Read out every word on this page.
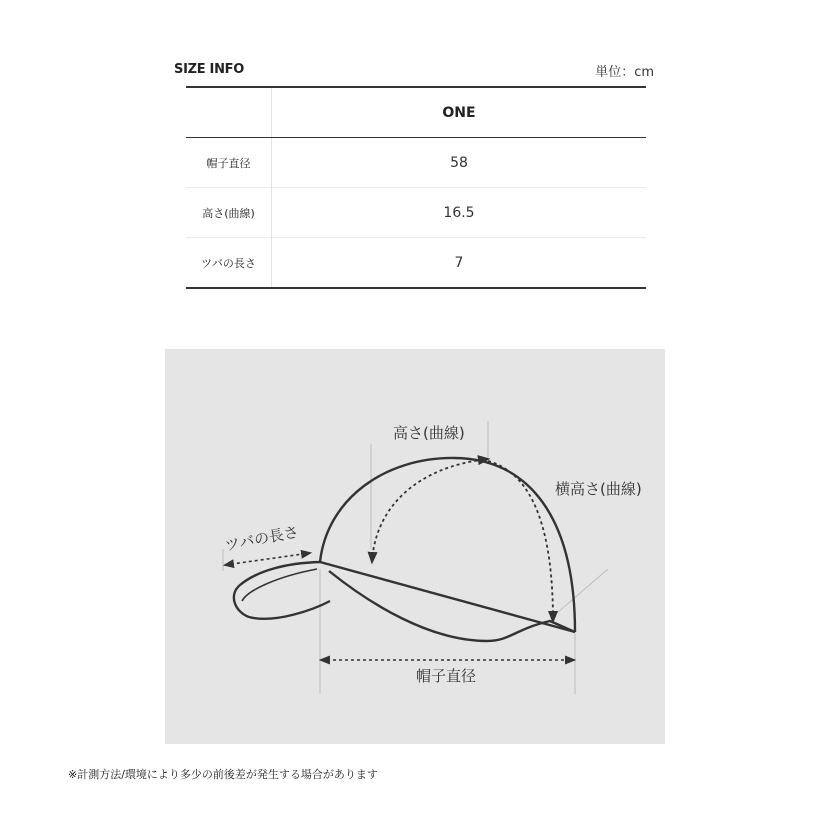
SIZE INFO	単位：cm
	ONE
帽子直径	58
高さ(曲線)	16.5
ツバの長さ	7
高さ(曲線)
横高さ(曲線)
ツバの長さ
帽子直径
※計測方法/環境により多少の前後差が発生する場合があります
